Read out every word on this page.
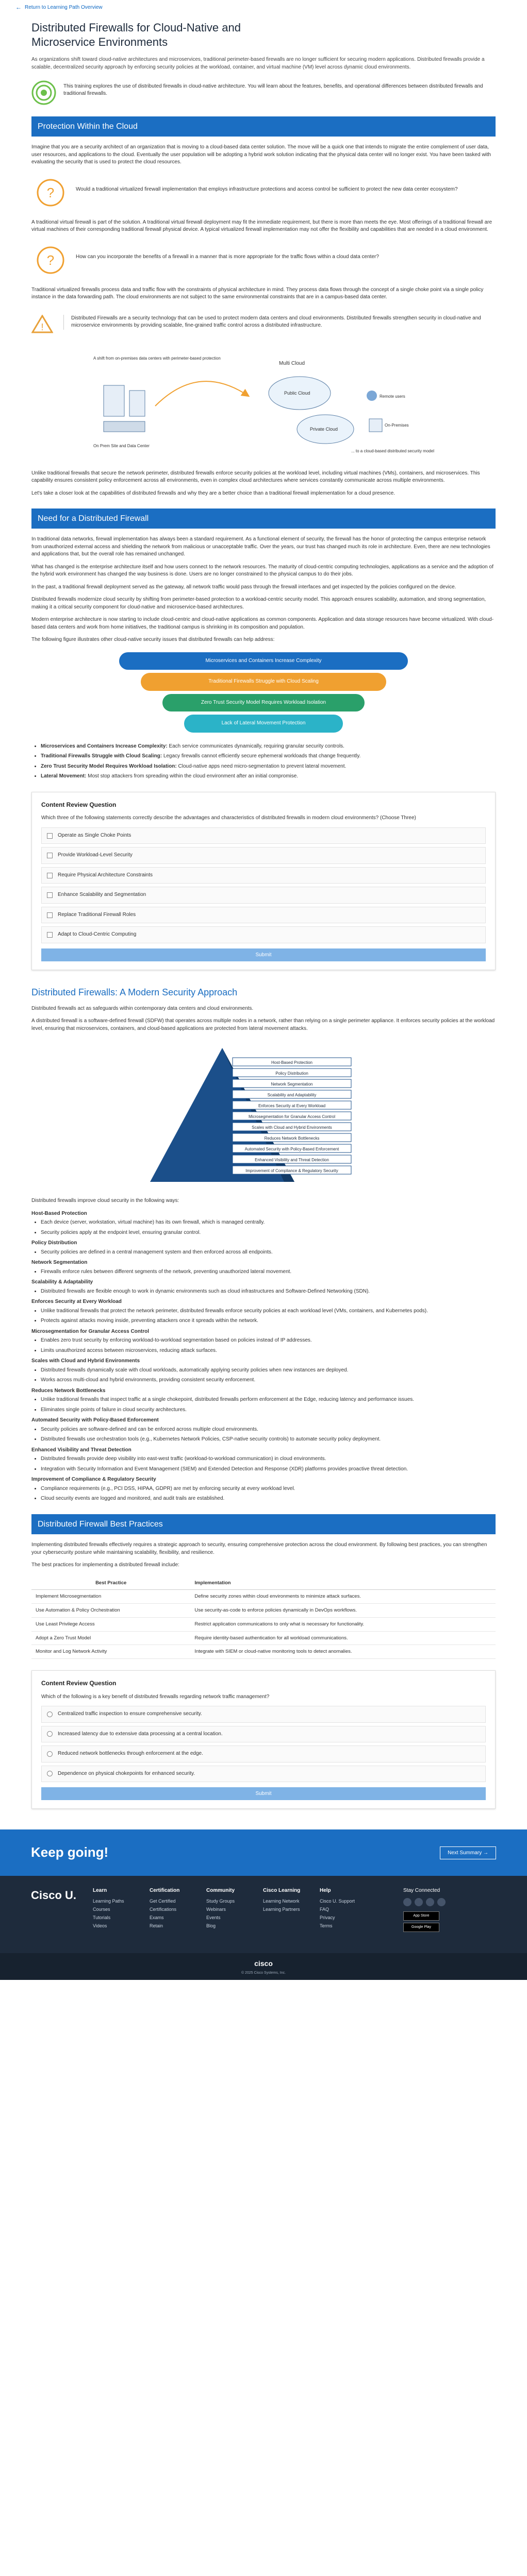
← Return to Learning Path Overview
Distributed Firewalls for Cloud-Native and Microservice Environments

As organizations shift toward cloud-native architectures and microservices, traditional perimeter-based firewalls are no longer sufficient for securing modern applications. Distributed firewalls provide a scalable, decentralized security approach by enforcing security policies at the workload, container, and virtual machine (VM) level across dynamic cloud environments.

This training explores the use of distributed firewalls in cloud-native architecture. You will learn about the features, benefits, and operational differences between distributed firewalls and traditional firewalls.

Protection Within the Cloud

Imagine that you are a security architect of an organization that is moving to a cloud-based data center solution. The move will be a quick one that intends to migrate the entire complement of user data, user resources, and applications to the cloud. Eventually the user population will be adopting a hybrid work solution indicating that the physical data center will no longer exist. You have been tasked with evaluating the security that is used to protect the cloud resources.

?	Would a traditional virtualized firewall implementation that employs infrastructure protections and access control be sufficient to protect the new data center ecosystem?

A traditional virtual firewall is part of the solution. A traditional virtual firewall deployment may fit the immediate requirement, but there is more than meets the eye. Most offerings of a traditional firewall are virtual machines of their corresponding traditional firewall physical device. A typical virtualized firewall implementation may not offer the flexibility and capabilities that are needed in a cloud environment.

?	How can you incorporate the benefits of a firewall in a manner that is more appropriate for the traffic flows within a cloud data center?

Traditional virtualized firewalls process data and traffic flow with the constraints of physical architecture in mind. They process data flows through the concept of a single choke point via a single policy instance in the data forwarding path. The cloud environments are not subject to the same environmental constraints that are in a campus-based data center.

!

Distributed Firewalls are a security technology that can be used to protect modern data centers and cloud environments. Distributed firewalls strengthen security in cloud-native and microservice environments by providing scalable, fine-grained traffic control across a distributed infrastructure.

A shift from on-premises data centers with perimeter-based protection
On Prem Site and Data Center
Multi Cloud
Public Cloud
Private Cloud
Remote users
On-Premises
... to a cloud-based distributed security model

Unlike traditional firewalls that secure the network perimeter, distributed firewalls enforce security policies at the workload level, including virtual machines (VMs), containers, and microservices. This capability ensures consistent policy enforcement across all environments, even in complex cloud architectures where services constantly communicate across multiple environments.

Let's take a closer look at the capabilities of distributed firewalls and why they are a better choice than a traditional firewall implementation for a cloud presence.

Need for a Distributed Firewall

In traditional data networks, firewall implementation has always been a standard requirement. As a functional element of security, the firewall has the honor of protecting the campus enterprise network from unauthorized external access and shielding the network from malicious or unacceptable traffic. Over the years, our trust has changed much its role in architecture. Even, there are new technologies and applications that, but the overall role has remained unchanged.

What has changed is the enterprise architecture itself and how users connect to the network resources. The maturity of cloud-centric computing technologies, applications as a service and the adoption of the hybrid work environment has changed the way business is done. Users are no longer constrained to the physical campus to do their jobs.

In the past, a traditional firewall deployment served as the gateway, all network traffic would pass through the firewall interfaces and get inspected by the policies configured on the device.

Distributed firewalls modernize cloud security by shifting from perimeter-based protection to a workload-centric security model. This approach ensures scalability, automation, and strong segmentation, making it a critical security component for cloud-native and microservice-based architectures.

Modern enterprise architecture is now starting to include cloud-centric and cloud-native applications as common components. Application and data storage resources have become virtualized. With cloud-based data centers and work from home initiatives, the traditional campus is shrinking in its composition and population.

The following figure illustrates other cloud-native security issues that distributed firewalls can help address:

Microservices and Containers Increase Complexity
Traditional Firewalls Struggle with Cloud Scaling
Zero Trust Security Model Requires Workload Isolation
Lack of Lateral Movement Protection
• Microservices and Containers Increase Complexity: Each service communicates dynamically, requiring granular security controls.
• Traditional Firewalls Struggle with Cloud Scaling: Legacy firewalls cannot efficiently secure ephemeral workloads that change frequently.
• Zero Trust Security Model Requires Workload Isolation: Cloud-native apps need micro-segmentation to prevent lateral movement.
• Lateral Movement: Most stop attackers from spreading within the cloud environment after an initial compromise.
Content Review Question

Which three of the following statements correctly describe the advantages and characteristics of distributed firewalls in modern cloud environments? (Choose Three)

Operate as Single Choke Points
Provide Workload-Level Security
Require Physical Architecture Constraints
Enhance Scalability and Segmentation
Replace Traditional Firewall Roles
Adapt to Cloud-Centric Computing
Submit
Distributed Firewalls: A Modern Security Approach

Distributed firewalls act as safeguards within contemporary data centers and cloud environments.

A distributed firewall is a software-defined firewall (SDFW) that operates across multiple nodes in a network, rather than relying on a single perimeter appliance. It enforces security policies at the workload level, ensuring that microservices, containers, and cloud-based applications are protected from lateral movement attacks.

Host-Based Protection
Policy Distribution
Network Segmentation
Scalability and Adaptability
Enforces Security at Every Workload
Microsegmentation for Granular Access Control
Scales with Cloud and Hybrid Environments
Reduces Network Bottlenecks
Automated Security with Policy-Based Enforcement
Enhanced Visibility and Threat Detection
Improvement of Compliance & Regulatory Security

Distributed firewalls improve cloud security in the following ways:

Host-Based Protection
• Each device (server, workstation, virtual machine) has its own firewall, which is managed centrally.
• Security policies apply at the endpoint level, ensuring granular control.
Policy Distribution
• Security policies are defined in a central management system and then enforced across all endpoints.
Network Segmentation
• Firewalls enforce rules between different segments of the network, preventing unauthorized lateral movement.
Scalability & Adaptability
• Distributed firewalls are flexible enough to work in dynamic environments such as cloud infrastructures and Software-Defined Networking (SDN).
Enforces Security at Every Workload
• Unlike traditional firewalls that protect the network perimeter, distributed firewalls enforce security policies at each workload level (VMs, containers, and Kubernetes pods).
• Protects against attacks moving inside, preventing attackers once it spreads within the network.
Microsegmentation for Granular Access Control
• Enables zero trust security by enforcing workload-to-workload segmentation based on policies instead of IP addresses.
• Limits unauthorized access between microservices, reducing attack surfaces.
Scales with Cloud and Hybrid Environments
• Distributed firewalls dynamically scale with cloud workloads, automatically applying security policies when new instances are deployed.
• Works across multi-cloud and hybrid environments, providing consistent security enforcement.
Reduces Network Bottlenecks
• Unlike traditional firewalls that inspect traffic at a single chokepoint, distributed firewalls perform enforcement at the Edge, reducing latency and performance issues.
• Eliminates single points of failure in cloud security architectures.
Automated Security with Policy-Based Enforcement
• Security policies are software-defined and can be enforced across multiple cloud environments.
• Distributed firewalls use orchestration tools (e.g., Kubernetes Network Policies, CSP-native security controls) to automate security policy deployment.
Enhanced Visibility and Threat Detection
• Distributed firewalls provide deep visibility into east-west traffic (workload-to-workload communication) in cloud environments.
• Integration with Security Information and Event Management (SIEM) and Extended Detection and Response (XDR) platforms provides proactive threat detection.
Improvement of Compliance & Regulatory Security
• Compliance requirements (e.g., PCI DSS, HIPAA, GDPR) are met by enforcing security at every workload level.
• Cloud security events are logged and monitored, and audit trails are established.
Distributed Firewall Best Practices

Implementing distributed firewalls effectively requires a strategic approach to security, ensuring comprehensive protection across the cloud environment. By following best practices, you can strengthen your cybersecurity posture while maintaining scalability, flexibility, and resilience.

The best practices for implementing a distributed firewall include:

Best Practice	Implementation
Implement Microsegmentation	Define security zones within cloud environments to minimize attack surfaces.
Use Automation & Policy Orchestration	Use security-as-code to enforce policies dynamically in DevOps workflows.
Use Least Privilege Access	Restrict application communications to only what is necessary for functionality.
Adopt a Zero Trust Model	Require identity-based authentication for all workload communications.
Monitor and Log Network Activity	Integrate with SIEM or cloud-native monitoring tools to detect anomalies.
Content Review Question

Which of the following is a key benefit of distributed firewalls regarding network traffic management?

Centralized traffic inspection to ensure comprehensive security.
Increased latency due to extensive data processing at a central location.
Reduced network bottlenecks through enforcement at the edge.
Dependence on physical chokepoints for enhanced security.
Submit
Keep going!	Next Summary →
Cisco U.	Learn
Learning Paths
Courses
Tutorials
Videos
Certification
Get Certified
Certifications
Exams
Retain
Community
Study Groups
Webinars
Events
Blog
Cisco Learning
Learning Network
Learning Partners
Help
Cisco U. Support
FAQ
Privacy
Terms
Stay Connected
App Store
Google Play
cisco
© 2025 Cisco Systems, Inc.
